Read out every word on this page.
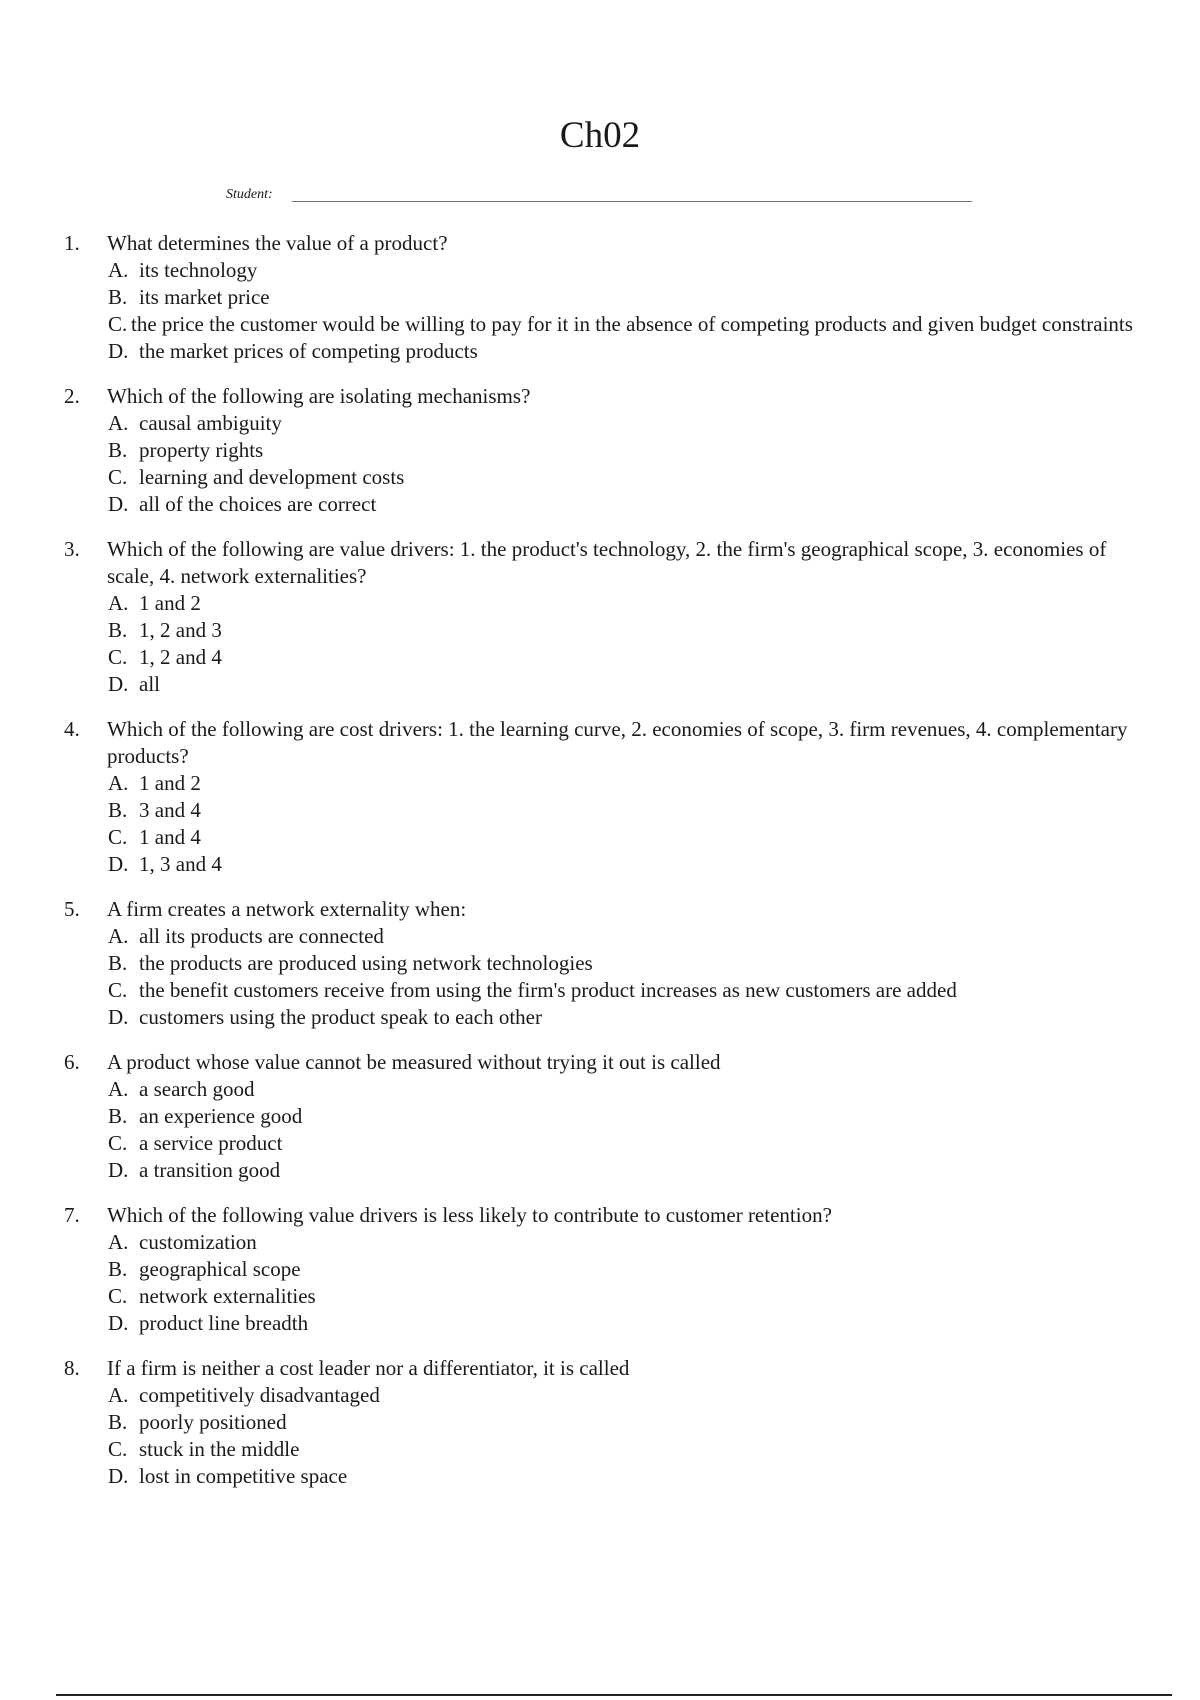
Ch02
Student:
1. What determines the value of a product?
A. its technology
B. its market price
C. the price the customer would be willing to pay for it in the absence of competing products and given budget constraints
D. the market prices of competing products
2. Which of the following are isolating mechanisms?
A. causal ambiguity
B. property rights
C. learning and development costs
D. all of the choices are correct
3. Which of the following are value drivers: 1. the product's technology, 2. the firm's geographical scope, 3. economies of scale, 4. network externalities?
A. 1 and 2
B. 1, 2 and 3
C. 1, 2 and 4
D. all
4. Which of the following are cost drivers: 1. the learning curve, 2. economies of scope, 3. firm revenues, 4. complementary products?
A. 1 and 2
B. 3 and 4
C. 1 and 4
D. 1, 3 and 4
5. A firm creates a network externality when:
A. all its products are connected
B. the products are produced using network technologies
C. the benefit customers receive from using the firm's product increases as new customers are added
D. customers using the product speak to each other
6. A product whose value cannot be measured without trying it out is called
A. a search good
B. an experience good
C. a service product
D. a transition good
7. Which of the following value drivers is less likely to contribute to customer retention?
A. customization
B. geographical scope
C. network externalities
D. product line breadth
8. If a firm is neither a cost leader nor a differentiator, it is called
A. competitively disadvantaged
B. poorly positioned
C. stuck in the middle
D. lost in competitive space
